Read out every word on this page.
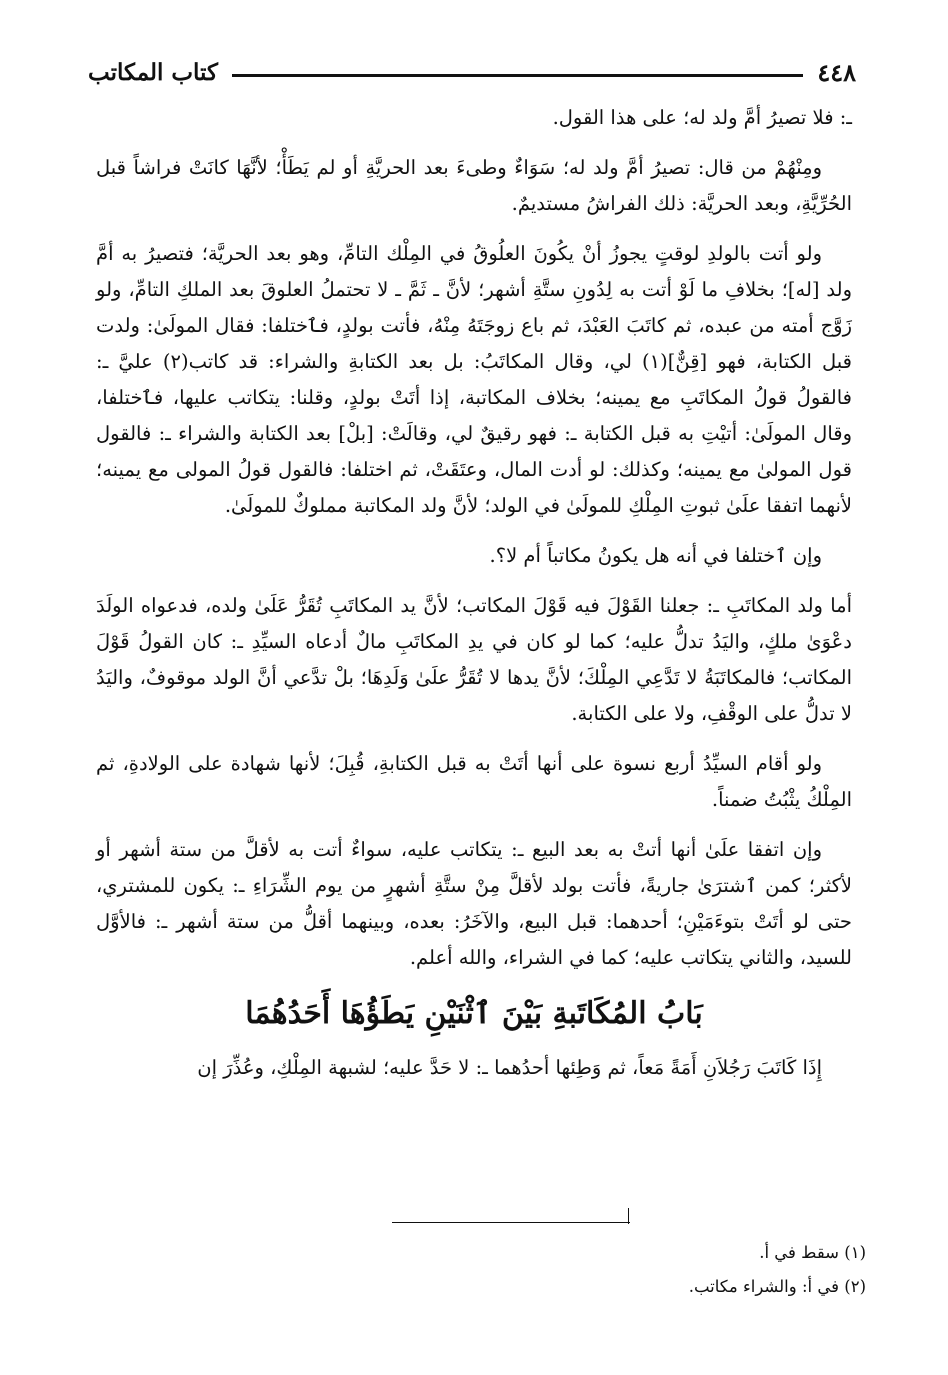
٤٤٨
كتاب المكاتب

ـ: فلا تصيرُ أمَّ ولد له؛ على هذا القول.

ومِنْهُمْ من قال: تصيرُ أمَّ ولد له؛ سَوَاءٌ وطىءَ بعد الحريَّةِ أو لم يَطَأْ؛ لأنَّهَا كانَتْ فراشاً قبل الحُرِّيَّةِ، وبعد الحريَّة: ذلك الفراشُ مستديمٌ.

ولو أتت بالولدِ لوقتٍ يجوزُ أنْ يكُونَ العلُوقُ في المِلْك التامِّ، وهو بعد الحريَّة؛ فتصيرُ به أمَّ ولد [له]؛ بخلافِ ما لَوْ أتت به لِدُونِ ستَّةِ أشهر؛ لأنَّ ـ ثَمَّ ـ لا تحتملُ العلوقَ بعد الملكِ التامِّ، ولو زَوَّج أمته من عبده، ثم كاتَبَ العَبْدَ، ثم باع زوجَتَهُ مِنْهُ، فأتت بولدٍ، فٱختلفا: فقال المولَىٰ: ولدت قبل الكتابة، فهو [قِنٌّ](١) لي، وقال المكاتَبُ: بل بعد الكتابةِ والشراء: قد كاتب(٢) عليَّ ـ: فالقولُ قولُ المكاتَبِ مع يمينه؛ بخلاف المكاتبة، إذا أتَتْ بولدٍ، وقلنا: يتكاتب عليها، فٱختلفا، وقال المولَىٰ: أتيْتِ به قبل الكتابة ـ: فهو رقيقٌ لي، وقالَتْ: [بلْ] بعد الكتابة والشراء ـ: فالقول قول المولىٰ مع يمينه؛ وكذلك: لو أدت المال، وعتَقَتْ، ثم اختلفا: فالقول قولُ المولى مع يمينه؛ لأنهما اتفقا علَىٰ ثبوتِ المِلْكِ للمولَىٰ في الولد؛ لأنَّ ولد المكاتبة مملوكٌ للمولَىٰ.

وإن ٱختلفا في أنه هل يكونُ مكاتباً أم لا؟.

أما ولد المكاتَبِ ـ: جعلنا القَوْلَ فيه قَوْلَ المكاتب؛ لأنَّ يد المكاتَبِ تُقَرُّ عَلَىٰ ولده، فدعواه الولَدَ دعْوَىٰ ملكٍ، واليَدُ تدلُّ عليه؛ كما لو كان في يدِ المكاتَبِ مالٌ أدعاه السيِّدِ ـ: كان القولُ قَوْلَ المكاتب؛ فالمكاتَبَةُ لا تَدَّعِي المِلْكَ؛ لأنَّ يدها لا تُقَرُّ علَىٰ وَلَدِهَا؛ بلْ تدَّعي أنَّ الولد موقوفٌ، واليَدُ لا تدلُّ على الوقْفِ، ولا على الكتابة.

ولو أقام السيِّدُ أربع نسوة على أنها أتَتْ به قبل الكتابةِ، قُبِلَ؛ لأنها شهادة على الولادةِ، ثم المِلْكُ يثْبُتُ ضمناً.

وإن اتفقا علَىٰ أنها أتتْ به بعد البيع ـ: يتكاتب عليه، سواءٌ أتت به لأقلَّ من ستة أشهر أو لأكثر؛ كمن ٱشترَىٰ جاريةً، فأتت بولد لأقلَّ مِنْ ستَّةِ أشهرٍ من يوم الشِّرَاءِ ـ: يكون للمشتري، حتى لو أتَتْ بتوءَمَيْنِ؛ أحدهما: قبل البيع، والآخَرُ: بعده، وبينهما أقلُّ من ستة أشهر ـ: فالأوَّل للسيد، والثاني يتكاتب عليه؛ كما في الشراء، والله أعلم.

بَابُ المُكَاتَبةِ بَيْنَ ٱثْنَيْنِ يَطَؤُهَا أَحَدُهُمَا

إِذَا كَاتَبَ رَجُلاَنِ أَمَةً مَعاً، ثم وَطِئها أحدُهما ـ: لا حَدَّ عليه؛ لشبهة المِلْكِ، وعُذِّرَ إن

(١) سقط في أ.
(٢) في أ: والشراء مكاتب.
